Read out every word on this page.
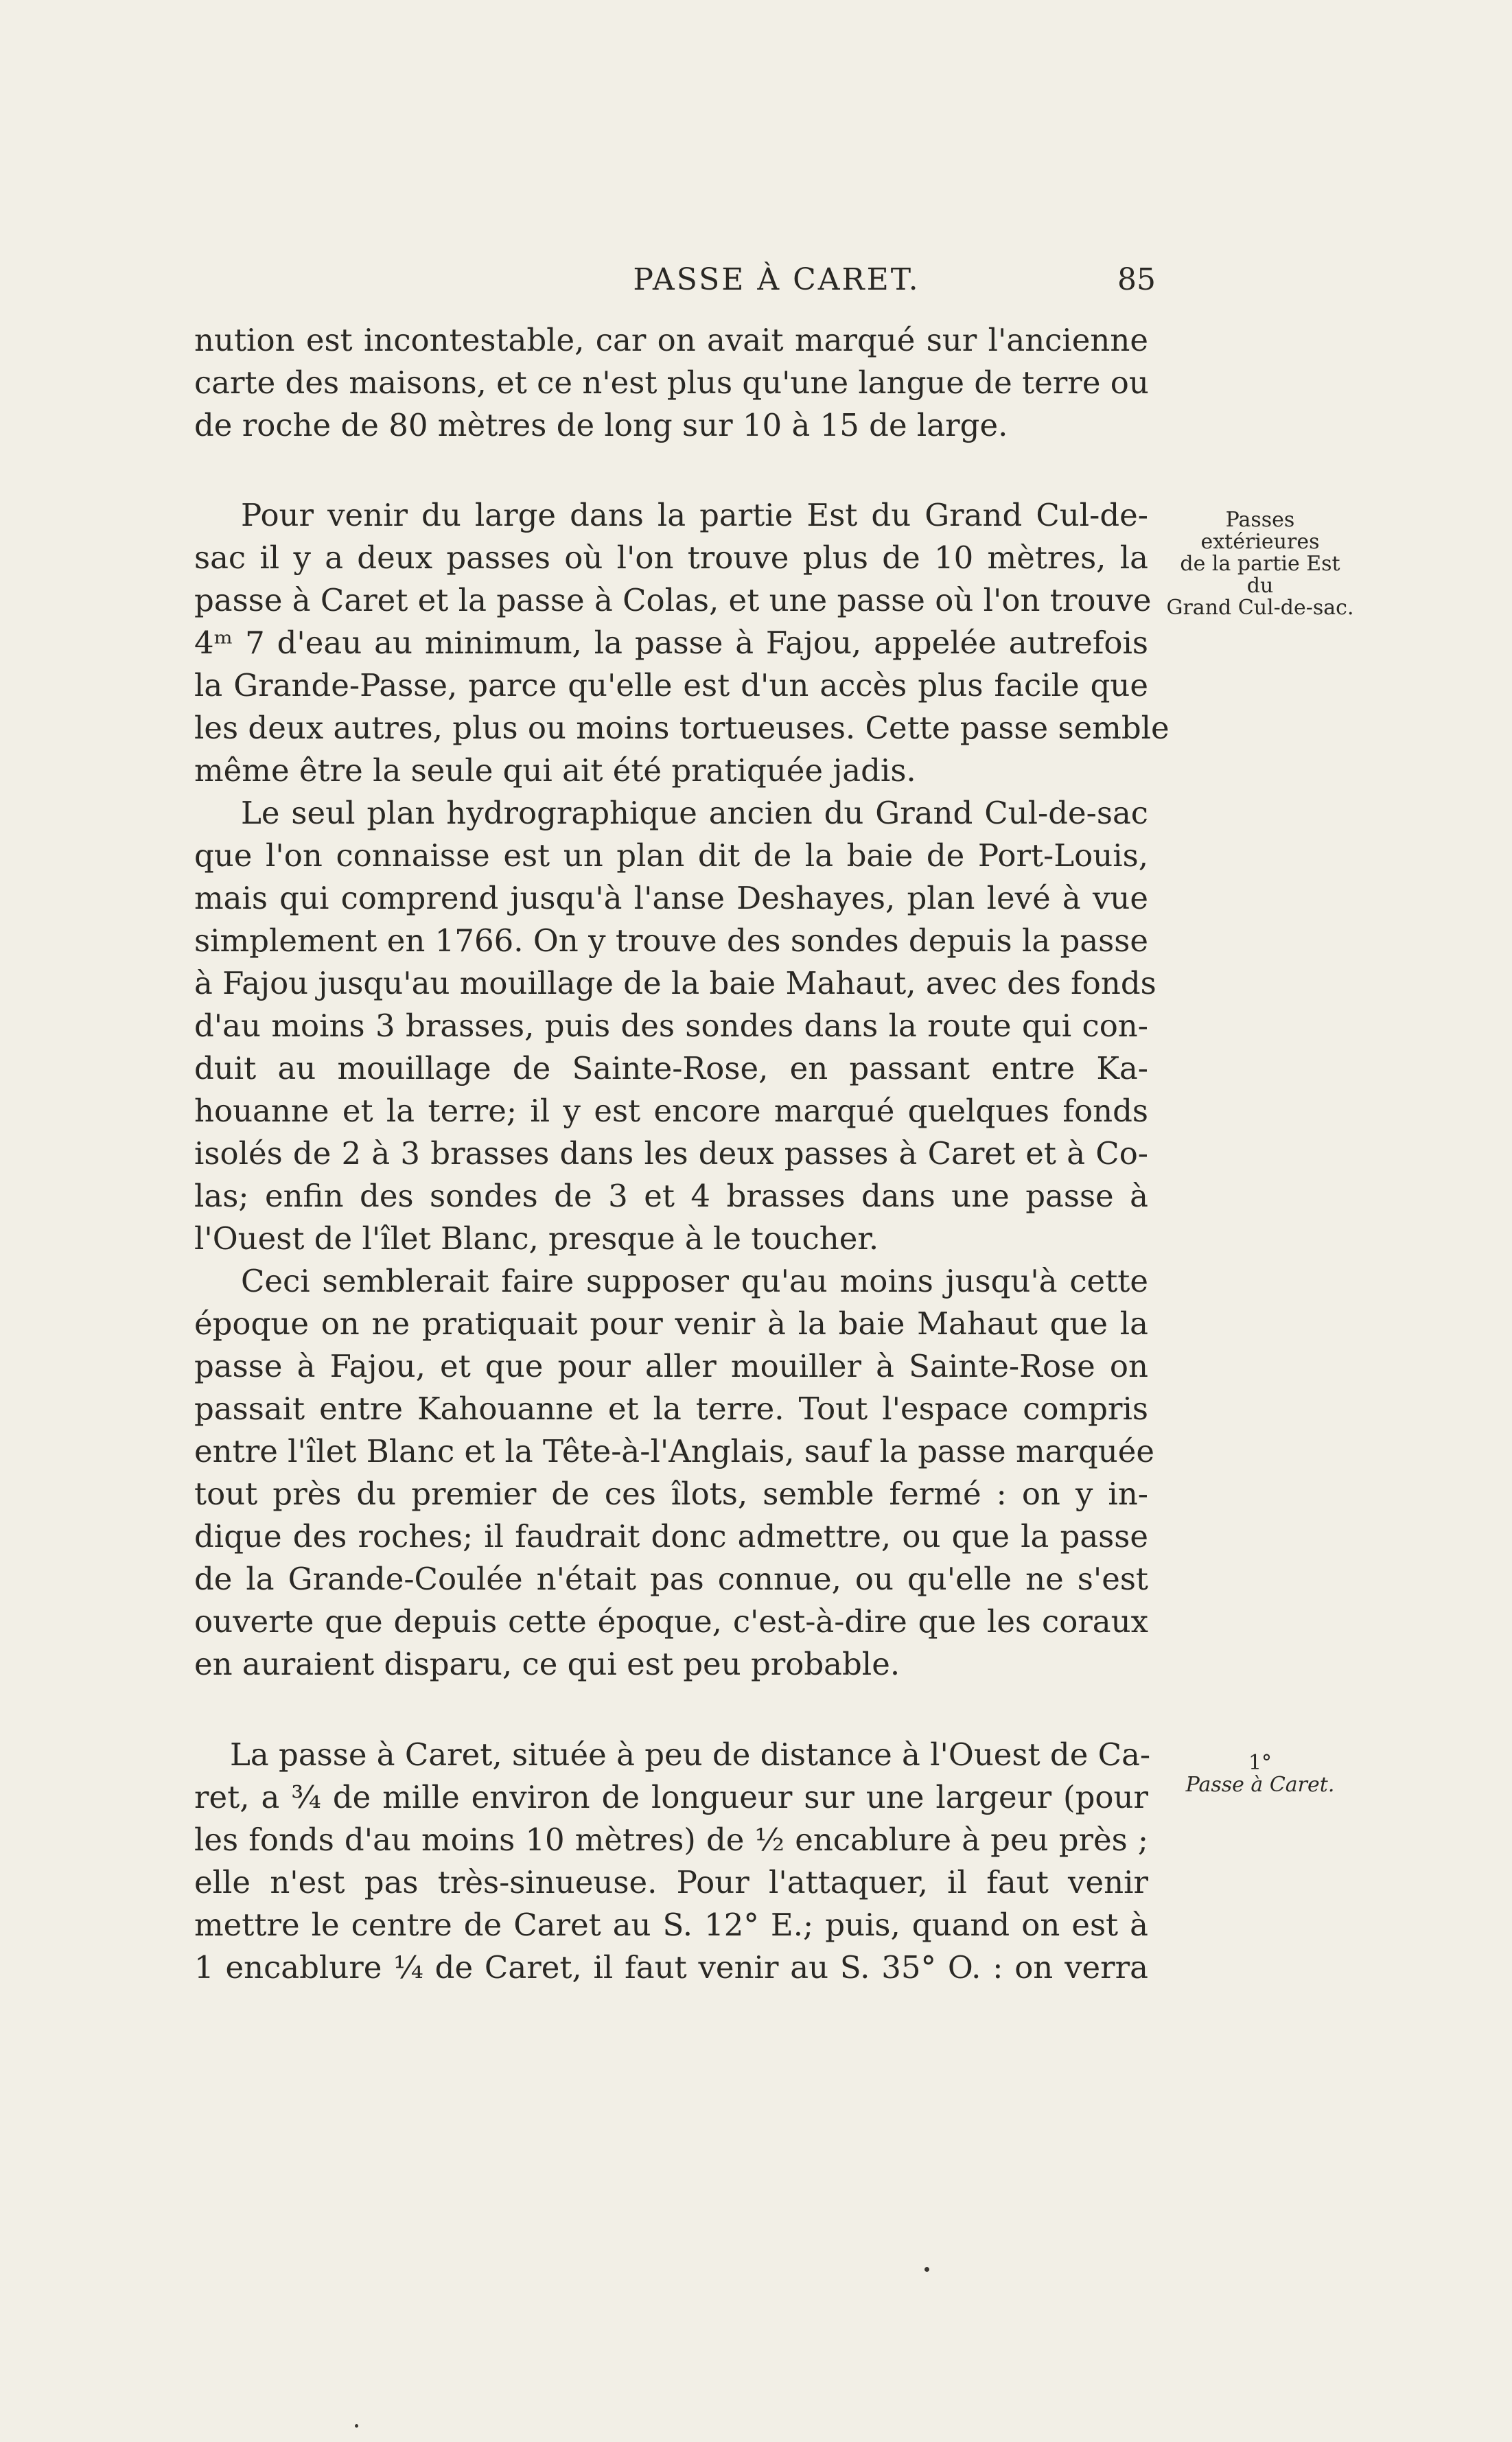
PASSE À CARET.	85
nution est incontestable, car on avait marqué sur l'ancienne
carte des maisons, et ce n'est plus qu'une langue de terre ou
de roche de 80 mètres de long sur 10 à 15 de large.
Pour venir du large dans la partie Est du Grand Cul-de-
sac il y a deux passes où l'on trouve plus de 10 mètres, la
passe à Caret et la passe à Colas, et une passe où l'on trouve
4ᵐ 7 d'eau au minimum, la passe à Fajou, appelée autrefois
la Grande-Passe, parce qu'elle est d'un accès plus facile que
les deux autres, plus ou moins tortueuses. Cette passe semble
même être la seule qui ait été pratiquée jadis.
Le seul plan hydrographique ancien du Grand Cul-de-sac
que l'on connaisse est un plan dit de la baie de Port-Louis,
mais qui comprend jusqu'à l'anse Deshayes, plan levé à vue
simplement en 1766. On y trouve des sondes depuis la passe
à Fajou jusqu'au mouillage de la baie Mahaut, avec des fonds
d'au moins 3 brasses, puis des sondes dans la route qui con-
duit au mouillage de Sainte-Rose, en passant entre Ka-
houanne et la terre; il y est encore marqué quelques fonds
isolés de 2 à 3 brasses dans les deux passes à Caret et à Co-
las; enfin des sondes de 3 et 4 brasses dans une passe à
l'Ouest de l'îlet Blanc, presque à le toucher.
Ceci semblerait faire supposer qu'au moins jusqu'à cette
époque on ne pratiquait pour venir à la baie Mahaut que la
passe à Fajou, et que pour aller mouiller à Sainte-Rose on
passait entre Kahouanne et la terre. Tout l'espace compris
entre l'îlet Blanc et la Tête-à-l'Anglais, sauf la passe marquée
tout près du premier de ces îlots, semble fermé : on y in-
dique des roches; il faudrait donc admettre, ou que la passe
de la Grande-Coulée n'était pas connue, ou qu'elle ne s'est
ouverte que depuis cette époque, c'est-à-dire que les coraux
en auraient disparu, ce qui est peu probable.
La passe à Caret, située à peu de distance à l'Ouest de Ca-
ret, a ¾ de mille environ de longueur sur une largeur (pour
les fonds d'au moins 10 mètres) de ½ encablure à peu près ;
elle n'est pas très-sinueuse. Pour l'attaquer, il faut venir
mettre le centre de Caret au S. 12° E.; puis, quand on est à
1 encablure ¼ de Caret, il faut venir au S. 35° O. : on verra
Passes
extérieures
de la partie Est
du
Grand Cul-de-sac.
1°
Passe à Caret.
